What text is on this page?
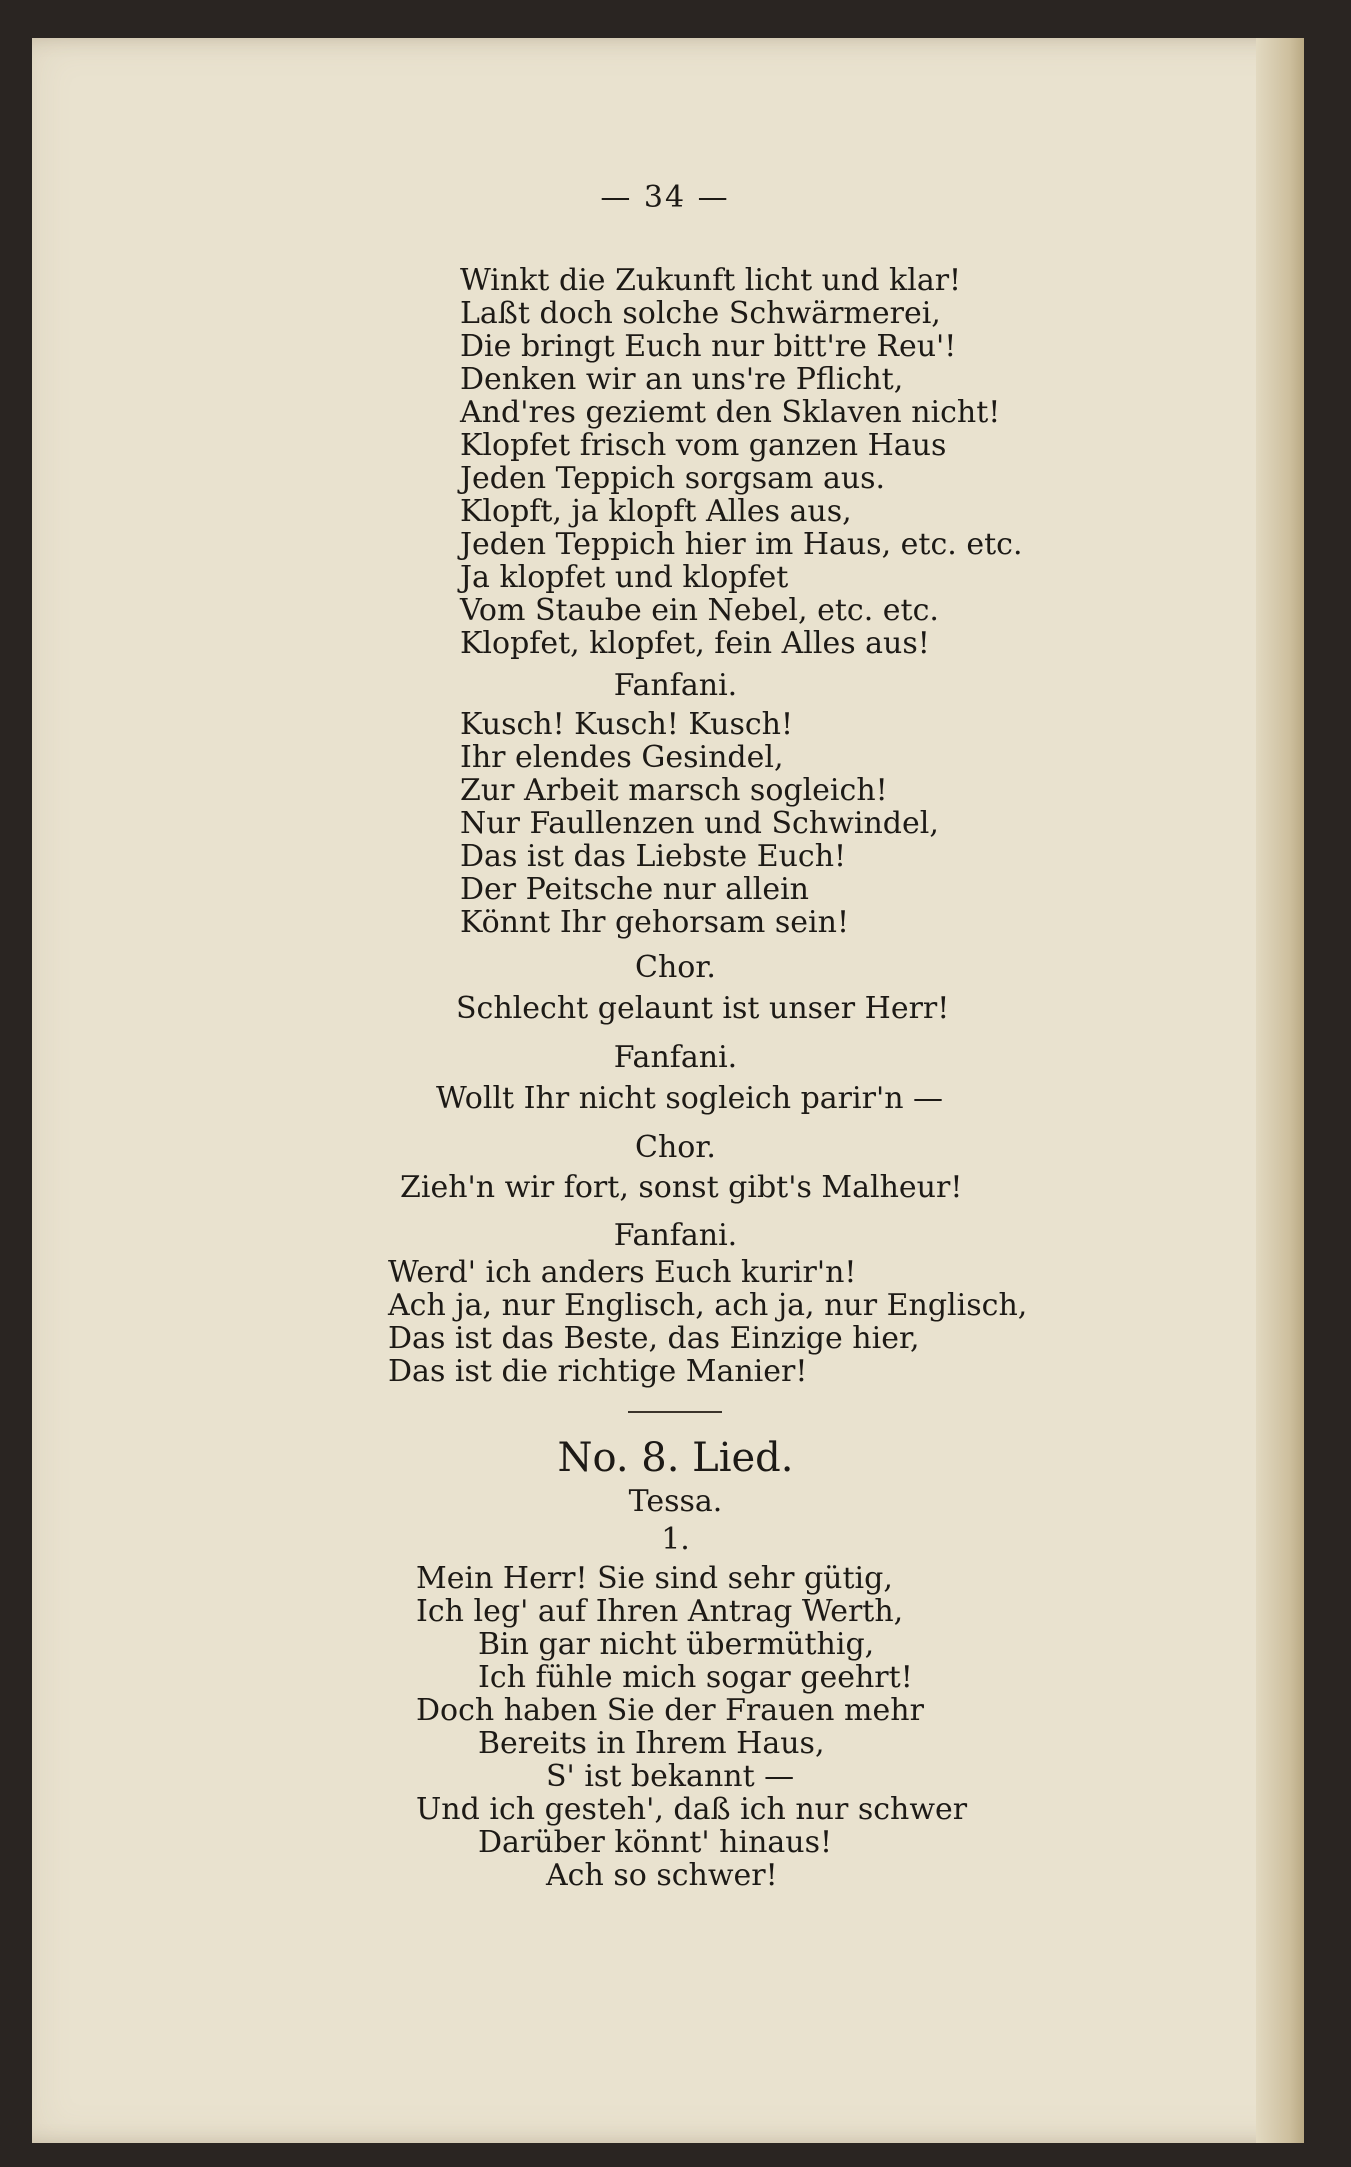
— 34 —
Winkt die Zukunft licht und klar!
Laßt doch solche Schwärmerei,
Die bringt Euch nur bitt're Reu'!
Denken wir an uns're Pflicht,
And'res geziemt den Sklaven nicht!
Klopfet frisch vom ganzen Haus
Jeden Teppich sorgsam aus.
Klopft, ja klopft Alles aus,
Jeden Teppich hier im Haus, etc. etc.
Ja klopfet und klopfet
Vom Staube ein Nebel, etc. etc.
Klopfet, klopfet, fein Alles aus!
Fanfani.
Kusch! Kusch! Kusch!
Ihr elendes Gesindel,
Zur Arbeit marsch sogleich!
Nur Faullenzen und Schwindel,
Das ist das Liebste Euch!
Der Peitsche nur allein
Könnt Ihr gehorsam sein!
Chor.
Schlecht gelaunt ist unser Herr!
Fanfani.
Wollt Ihr nicht sogleich parir'n —
Chor.
Zieh'n wir fort, sonst gibt's Malheur!
Fanfani.
Werd' ich anders Euch kurir'n!
Ach ja, nur Englisch, ach ja, nur Englisch,
Das ist das Beste, das Einzige hier,
Das ist die richtige Manier!
No. 8. Lied.
Tessa.
1.
Mein Herr! Sie sind sehr gütig,
Ich leg' auf Ihren Antrag Werth,
Bin gar nicht übermüthig,
Ich fühle mich sogar geehrt!
Doch haben Sie der Frauen mehr
Bereits in Ihrem Haus,
S' ist bekannt —
Und ich gesteh', daß ich nur schwer
Darüber könnt' hinaus!
Ach so schwer!
